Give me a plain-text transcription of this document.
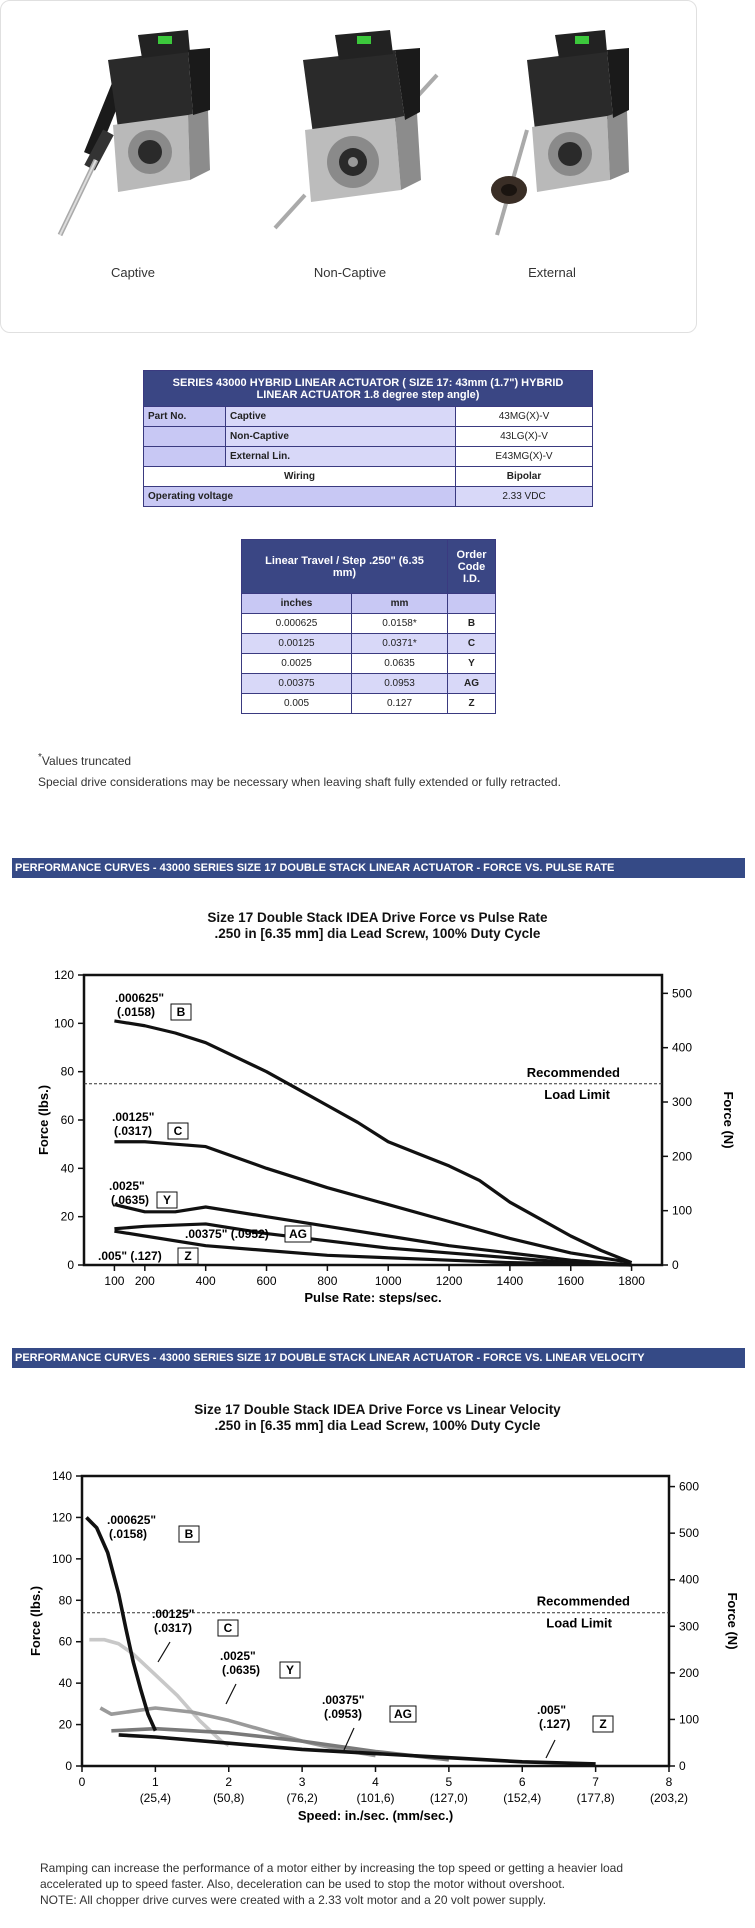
Captive	Non-Captive	External
SERIES 43000 HYBRID LINEAR ACTUATOR ( SIZE 17: 43mm (1.7") HYBRID LINEAR ACTUATOR 1.8 degree step angle)		
Part No.	Captive	43MG(X)-V
	Non-Captive	43LG(X)-V
	External Lin.	E43MG(X)-V
Wiring		Bipolar
Operating voltage		2.33 VDC
Linear Travel / Step .250" (6.35 mm)		Order Code I.D.
inches	mm	
0.000625	0.0158*	B
0.00125	0.0371*	C
0.0025	0.0635	Y
0.00375	0.0953	AG
0.005	0.127	Z
*Values truncated
Special drive considerations may be necessary when leaving shaft fully extended or fully retracted.
PERFORMANCE CURVES - 43000 SERIES SIZE 17 DOUBLE STACK LINEAR ACTUATOR - FORCE VS. PULSE RATE
Size 17 Double Stack IDEA Drive Force vs Pulse Rate
.250 in [6.35 mm] dia Lead Screw, 100% Duty Cycle
0
20
40
60
80
100
120
100 200	400	600	800	1000	1200	1400	1600	1800
0
100
200
300
400
500
Recommended
Load Limit
.000625"
(.0158) B
.00125"
(.0317) C
.0025"
(.0635) Y
.00375" (.0952) AG
.005" (.127) Z
Force (lbs.)	Force (N)
Pulse Rate: steps/sec.
PERFORMANCE CURVES - 43000 SERIES SIZE 17 DOUBLE STACK LINEAR ACTUATOR - FORCE VS. LINEAR VELOCITY
Size 17 Double Stack IDEA Drive Force vs Linear Velocity
.250 in [6.35 mm] dia Lead Screw, 100% Duty Cycle
0
20
40
60
80
100
120
140
0	1
(25,4)
2
(50,8)
3
(76,2)
4
(101,6)
5
(127,0)
6
(152,4)
7
(177,8)
8
(203,2)
0
100
200
300
400
500
600
Recommended
Load Limit
.000625"
(.0158)	B
.00125"
(.0317)	C
.0025"
(.0635) Y
.00375"
(.0953)	AG	.005"
(.127) Z
Force (lbs.)	Force (N)
Speed: in./sec. (mm/sec.)
Ramping can increase the performance of a motor either by increasing the top speed or getting a heavier load
accelerated up to speed faster. Also, deceleration can be used to stop the motor without overshoot.
NOTE: All chopper drive curves were created with a 2.33 volt motor and a 20 volt power supply.
